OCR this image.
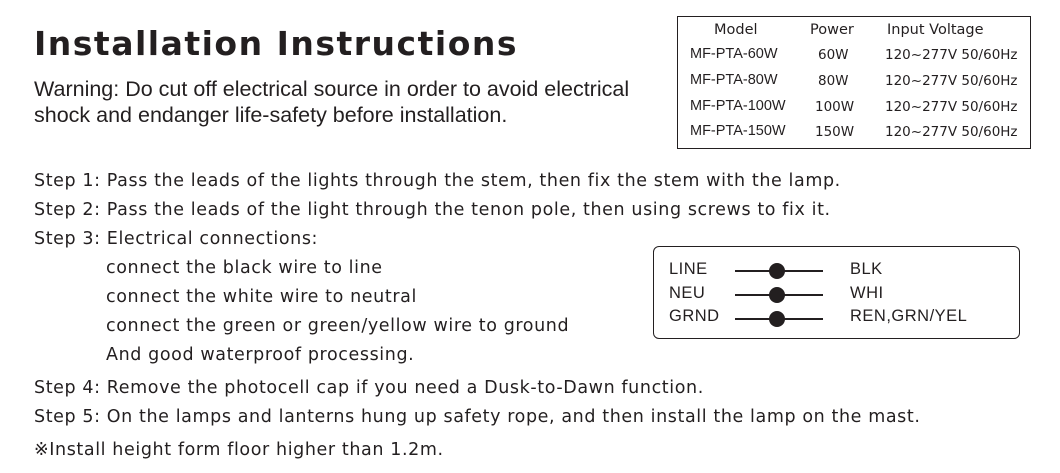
Installation Instructions
Warning: Do cut off electrical source in order to avoid electrical
shock and endanger life-safety before installation.
Model	Power Input Voltage
MF-PTA-60W	60W	120~277V 50/60Hz
MF-PTA-80W	80W	120~277V 50/60Hz
MF-PTA-100W 100W 120~277V 50/60Hz
MF-PTA-150W 150W 120~277V 50/60Hz
Step 1: Pass the leads of the lights through the stem, then fix the stem with the lamp.
Step 2: Pass the leads of the light through the tenon pole, then using screws to fix it.
Step 3: Electrical connections:
connect the black wire to line
connect the white wire to neutral
connect the green or green/yellow wire to ground
And good waterproof processing.
Step 4: Remove the photocell cap if you need a Dusk-to-Dawn function.
Step 5: On the lamps and lanterns hung up safety rope, and then install the lamp on the mast.
※Install height form floor higher than 1.2m.
LINE	BLK
NEU	WHI
GRND	REN,GRN/YEL
